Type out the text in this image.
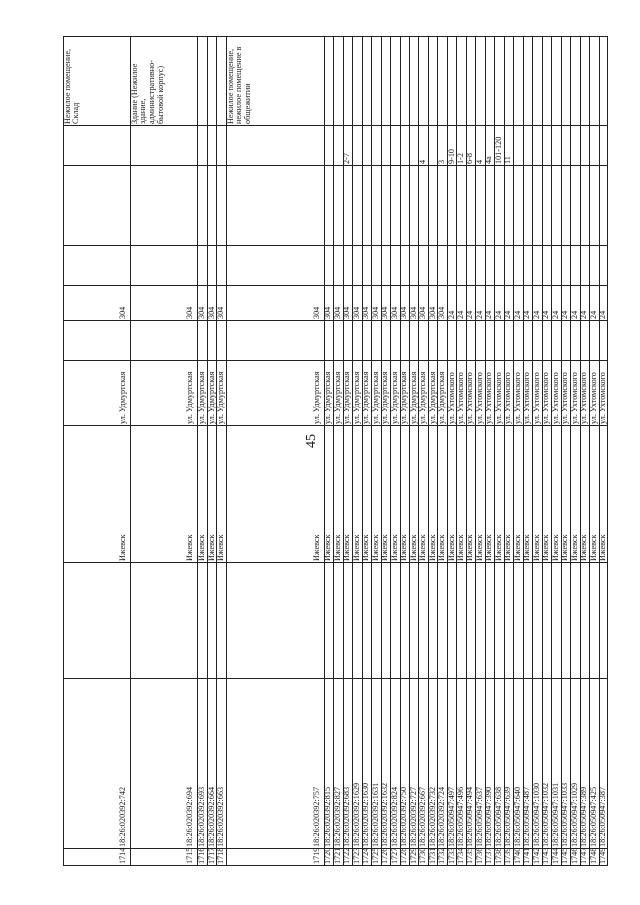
45
1714
18:26:020392:742
Ижевск
ул. Удмуртская
304
Нежилое помещение, Склад
1715
18:26:020392:694
Ижевск
ул. Удмуртская
304
Здание (Нежилое здание, административно-бытовой корпус)
1716
18:26:020392:693
Ижевск
ул. Удмуртская
304
1717
18:26:020392:664
Ижевск
ул. Удмуртская
304
1718
18:26:020392:663
Ижевск
ул. Удмуртская
304
1719
18:26:020392:757
Ижевск
ул. Удмуртская
304
Нежилое помещение, нежилое помещение в общежитии
1720
18:26:020392:815
Ижевск
ул. Удмуртская
304
1721
18:26:020392:827
Ижевск
ул. Удмуртская
304
1722
18:26:020392:683
Ижевск
ул. Удмуртская
304
2-7
1723
18:26:020392:1629
Ижевск
ул. Удмуртская
304
1724
18:26:020392:1630
Ижевск
ул. Удмуртская
304
1725
18:26:020392:1631
Ижевск
ул. Удмуртская
304
1726
18:26:020392:1632
Ижевск
ул. Удмуртская
304
1727
18:26:020392:824
Ижевск
ул. Удмуртская
304
1728
18:26:020392:750
Ижевск
ул. Удмуртская
304
1729
18:26:020392:727
Ижевск
ул. Удмуртская
304
1730
18:26:020392:667
Ижевск
ул. Удмуртская
304
4
1731
18:26:020392:732
Ижевск
ул. Удмуртская
304
1732
18:26:020392:724
Ижевск
ул. Удмуртская
304
3
1733
18:26:050947:497
Ижевск
ул. Ухтомского
24
9-10
1734
18:26:050947:496
Ижевск
ул. Ухтомского
24
1-2
1735
18:26:050947:494
Ижевск
ул. Ухтомского
24
6-8
1736
18:26:050947:637
Ижевск
ул. Ухтомского
24
4
1737
18:26:050947:390
Ижевск
ул. Ухтомского
24
4а
1738
18:26:050947:638
Ижевск
ул. Ухтомского
24
101-120
1739
18:26:050947:639
Ижевск
ул. Ухтомского
24
11
1740
18:26:050947:640
Ижевск
ул. Ухтомского
24
1741
18:26:050947:487
Ижевск
ул. Ухтомского
24
1742
18:26:050947:1030
Ижевск
ул. Ухтомского
24
1743
18:26:050947:1032
Ижевск
ул. Ухтомского
24
1744
18:26:050947:1031
Ижевск
ул. Ухтомского
24
1745
18:26:050947:1033
Ижевск
ул. Ухтомского
24
1746
18:26:050947:1029
Ижевск
ул. Ухтомского
24
1747
18:26:050947:389
Ижевск
ул. Ухтомского
24
1748
18:26:050947:425
Ижевск
ул. Ухтомского
24
1749
18:26:050947:387
Ижевск
ул. Ухтомского
24
